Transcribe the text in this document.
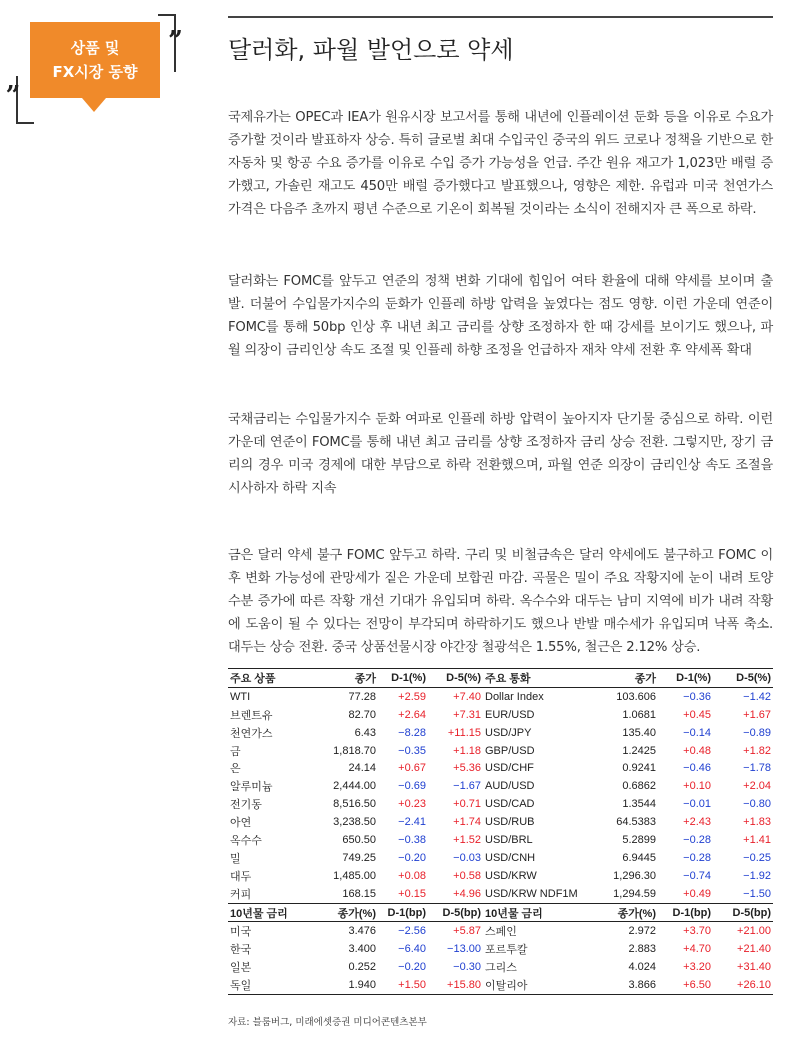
상품 및
FX시장 동향
”
„
달러화, 파월 발언으로 약세

국제유가는 OPEC과 IEA가 원유시장 보고서를 통해 내년에 인플레이션 둔화 등을 이유로 수요가 증가할 것이라 발표하자 상승. 특히 글로벌 최대 수입국인 중국의 위드 코로나 정책을 기반으로 한 자동차 및 항공 수요 증가를 이유로 수입 증가 가능성을 언급. 주간 원유 재고가 1,023만 배럴 증가했고, 가솔린 재고도 450만 배럴 증가했다고 발표했으나, 영향은 제한. 유럽과 미국 천연가스 가격은 다음주 초까지 평년 수준으로 기온이 회복될 것이라는 소식이 전해지자 큰 폭으로 하락.

달러화는 FOMC를 앞두고 연준의 정책 변화 기대에 힘입어 여타 환율에 대해 약세를 보이며 출발. 더불어 수입물가지수의 둔화가 인플레 하방 압력을 높였다는 점도 영향. 이런 가운데 연준이 FOMC를 통해 50bp 인상 후 내년 최고 금리를 상향 조정하자 한 때 강세를 보이기도 했으나, 파월 의장이 금리인상 속도 조절 및 인플레 하향 조정을 언급하자 재차 약세 전환 후 약세폭 확대

국채금리는 수입물가지수 둔화 여파로 인플레 하방 압력이 높아지자 단기물 중심으로 하락. 이런 가운데 연준이 FOMC를 통해 내년 최고 금리를 상향 조정하자 금리 상승 전환. 그렇지만, 장기 금리의 경우 미국 경제에 대한 부담으로 하락 전환했으며, 파월 연준 의장이 금리인상 속도 조절을 시사하자 하락 지속

금은 달러 약세 불구 FOMC 앞두고 하락. 구리 및 비철금속은 달러 약세에도 불구하고 FOMC 이후 변화 가능성에 관망세가 짙은 가운데 보합권 마감. 곡물은 밀이 주요 작황지에 눈이 내려 토양 수분 증가에 따른 작황 개선 기대가 유입되며 하락. 옥수수와 대두는 남미 지역에 비가 내려 작황에 도움이 될 수 있다는 전망이 부각되며 하락하기도 했으나 반발 매수세가 유입되며 낙폭 축소. 대두는 상승 전환. 중국 상품선물시장 야간장 철광석은 1.55%, 철근은 2.12% 상승.

주요 상품	종가	D-1(%)	D-5(%)	주요 통화	종가	D-1(%)	D-5(%)
WTI	77.28	+2.59	+7.40	Dollar Index	103.606	−0.36	−1.42
브렌트유	82.70	+2.64	+7.31	EUR/USD	1.0681	+0.45	+1.67
천연가스	6.43	−8.28	+11.15	USD/JPY	135.40	−0.14	−0.89
금	1,818.70	−0.35	+1.18	GBP/USD	1.2425	+0.48	+1.82
은	24.14	+0.67	+5.36	USD/CHF	0.9241	−0.46	−1.78
알루미늄	2,444.00	−0.69	−1.67	AUD/USD	0.6862	+0.10	+2.04
전기동	8,516.50	+0.23	+0.71	USD/CAD	1.3544	−0.01	−0.80
아연	3,238.50	−2.41	+1.74	USD/RUB	64.5383	+2.43	+1.83
옥수수	650.50	−0.38	+1.52	USD/BRL	5.2899	−0.28	+1.41
밀	749.25	−0.20	−0.03	USD/CNH	6.9445	−0.28	−0.25
대두	1,485.00	+0.08	+0.58	USD/KRW	1,296.30	−0.74	−1.92
커피	168.15	+0.15	+4.96	USD/KRW NDF1M	1,294.59	+0.49	−1.50
10년물 금리	종가(%)	D-1(bp)	D-5(bp)	10년물 금리	종가(%)	D-1(bp)	D-5(bp)
미국	3.476	−2.56	+5.87	스페인	2.972	+3.70	+21.00
한국	3.400	−6.40	−13.00	포르투칼	2.883	+4.70	+21.40
일본	0.252	−0.20	−0.30	그리스	4.024	+3.20	+31.40
독일	1.940	+1.50	+15.80	이탈리아	3.866	+6.50	+26.10

자료: 블룸버그, 미래에셋증권 미디어콘텐츠본부
